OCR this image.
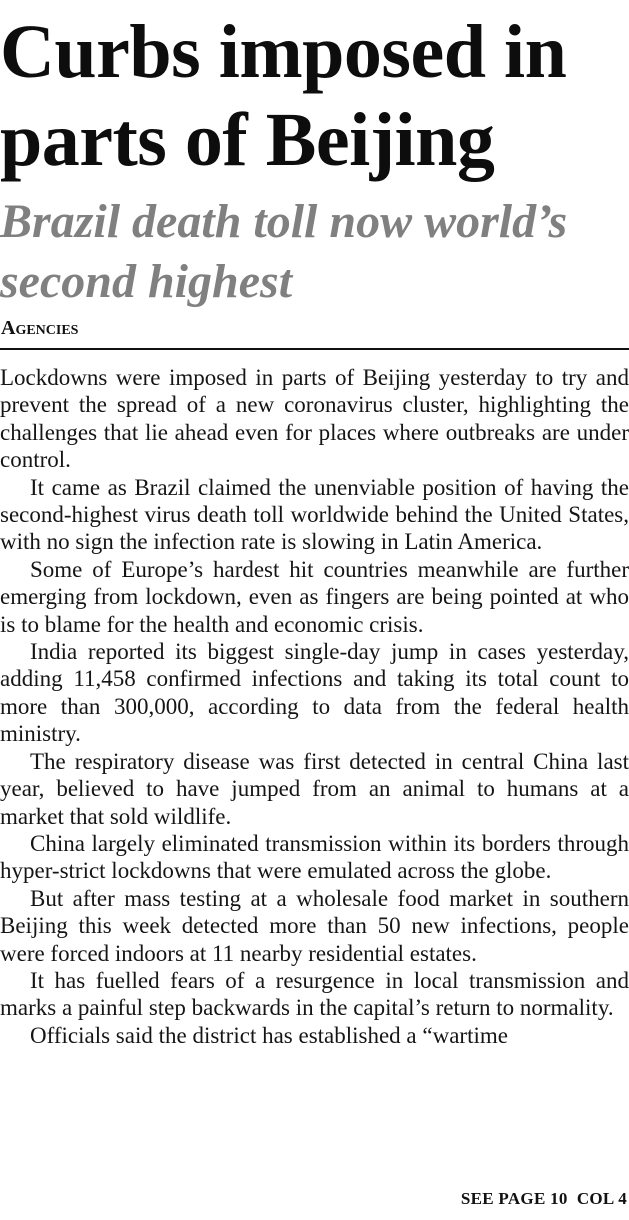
Curbs imposed in parts of Beijing
Brazil death toll now world’s second highest
Agencies

Lockdowns were imposed in parts of Beijing yesterday to try and prevent the spread of a new coronavirus cluster, highlighting the challenges that lie ahead even for places where outbreaks are under control.

It came as Brazil claimed the unenviable position of having the second-highest virus death toll worldwide behind the United States, with no sign the infection rate is slowing in Latin America.

Some of Europe’s hardest hit countries meanwhile are further emerging from lockdown, even as fingers are being pointed at who is to blame for the health and economic crisis.

India reported its biggest single-day jump in cases yesterday, adding 11,458 confirmed infections and taking its total count to more than 300,000, according to data from the federal health ministry.

The respiratory disease was first detected in central China last year, believed to have jumped from an animal to humans at a market that sold wildlife.

China largely eliminated transmission within its borders through hyper-strict lockdowns that were emulated across the globe.

But after mass testing at a wholesale food market in southern Beijing this week detected more than 50 new infections, people were forced indoors at 11 nearby residential estates.

It has fuelled fears of a resurgence in local transmission and marks a painful step backwards in the capital’s return to normality.

Officials said the district has established a “wartime

SEE PAGE 10  COL 4
